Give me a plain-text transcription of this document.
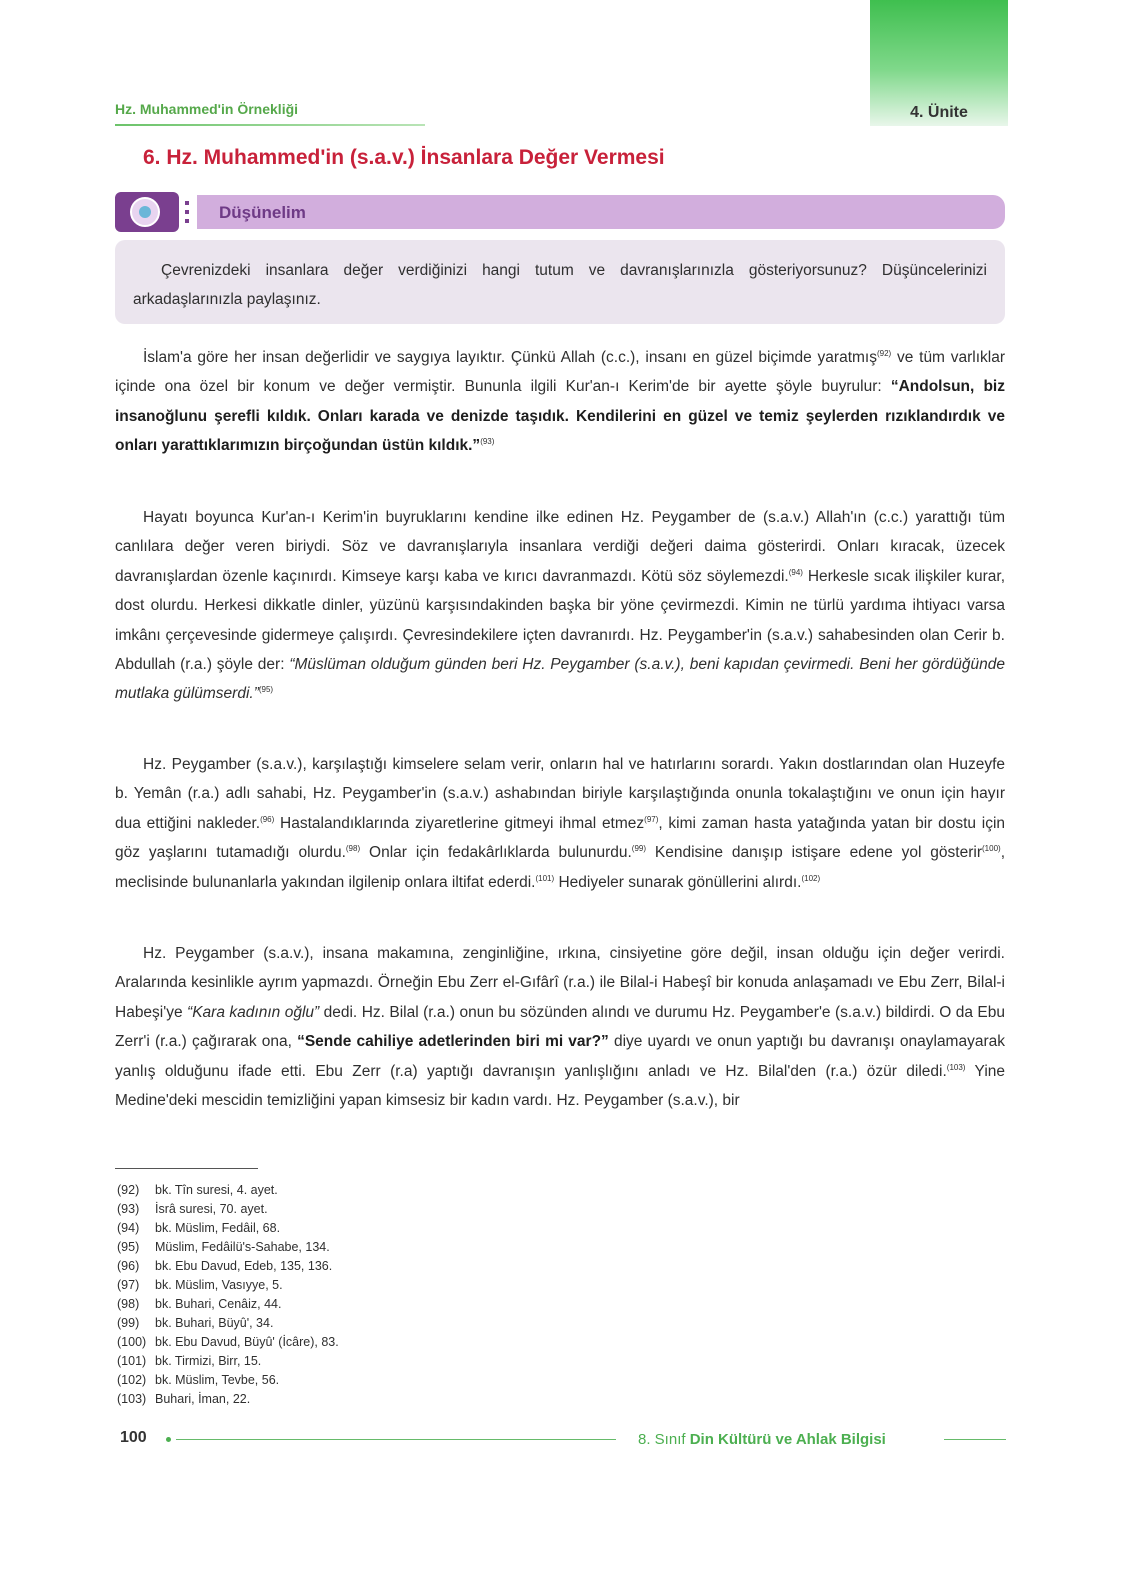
4. Ünite
Hz. Muhammed'in Örnekliği
6. Hz. Muhammed'in (s.a.v.) İnsanlara Değer Vermesi
Düşünelim

Çevrenizdeki insanlara değer verdiğinizi hangi tutum ve davranışlarınızla gösteriyorsunuz? Düşüncelerinizi arkadaşlarınızla paylaşınız.

İslam'a göre her insan değerlidir ve saygıya layıktır. Çünkü Allah (c.c.), insanı en güzel biçimde yaratmış$^{(92)}$ ve tüm varlıklar içinde ona özel bir konum ve değer vermiştir. Bununla ilgili Kur'an-ı Kerim'de bir ayette şöyle buyrulur: “Andolsun, biz insanoğlunu şerefli kıldık. Onları karada ve denizde taşıdık. Kendilerini en güzel ve temiz şeylerden rızıklandırdık ve onları yarattıklarımızın birçoğundan üstün kıldık.”$^{(93)}$

Hayatı boyunca Kur'an-ı Kerim'in buyruklarını kendine ilke edinen Hz. Peygamber de (s.a.v.) Allah'ın (c.c.) yarattığı tüm canlılara değer veren biriydi. Söz ve davranışlarıyla insanlara verdiği değeri daima gösterirdi. Onları kıracak, üzecek davranışlardan özenle kaçınırdı. Kimseye karşı kaba ve kırıcı davranmazdı. Kötü söz söylemezdi.$^{(94)}$ Herkesle sıcak ilişkiler kurar, dost olurdu. Herkesi dikkatle dinler, yüzünü karşısındakinden başka bir yöne çevirmezdi. Kimin ne türlü yardıma ihtiyacı varsa imkânı çerçevesinde gidermeye çalışırdı. Çevresindekilere içten davranırdı. Hz. Peygamber'in (s.a.v.) sahabesinden olan Cerir b. Abdullah (r.a.) şöyle der: “Müslüman olduğum günden beri Hz. Peygamber (s.a.v.), beni kapıdan çevirmedi. Beni her gördüğünde mutlaka gülümserdi.”$^{(95)}$

Hz. Peygamber (s.a.v.), karşılaştığı kimselere selam verir, onların hal ve hatırlarını sorardı. Yakın dostlarından olan Huzeyfe b. Yemân (r.a.) adlı sahabi, Hz. Peygamber'in (s.a.v.) ashabından biriyle karşılaştığında onunla tokalaştığını ve onun için hayır dua ettiğini nakleder.$^{(96)}$ Hastalandıklarında ziyaretlerine gitmeyi ihmal etmez$^{(97)}$, kimi zaman hasta yatağında yatan bir dostu için göz yaşlarını tutamadığı olurdu.$^{(98)}$ Onlar için fedakârlıklarda bulunurdu.$^{(99)}$ Kendisine danışıp istişare edene yol gösterir$^{(100)}$, meclisinde bulunanlarla yakından ilgilenip onlara iltifat ederdi.$^{(101)}$ Hediyeler sunarak gönüllerini alırdı.$^{(102)}$

Hz. Peygamber (s.a.v.), insana makamına, zenginliğine, ırkına, cinsiyetine göre değil, insan olduğu için değer verirdi. Aralarında kesinlikle ayrım yapmazdı. Örneğin Ebu Zerr el-Gıfârî (r.a.) ile Bilal-i Habeşî bir konuda anlaşamadı ve Ebu Zerr, Bilal-i Habeşi'ye “Kara kadının oğlu” dedi. Hz. Bilal (r.a.) onun bu sözünden alındı ve durumu Hz. Peygamber'e (s.a.v.) bildirdi. O da Ebu Zerr'i (r.a.) çağırarak ona, “Sende cahiliye adetlerinden biri mi var?” diye uyardı ve onun yaptığı bu davranışı onaylamayarak yanlış olduğunu ifade etti. Ebu Zerr (r.a) yaptığı davranışın yanlışlığını anladı ve Hz. Bilal'den (r.a.) özür diledi.$^{(103)}$ Yine Medine'deki mescidin temizliğini yapan kimsesiz bir kadın vardı. Hz. Peygamber (s.a.v.), bir

(92) bk. Tîn suresi, 4. ayet.
(93) İsrâ suresi, 70. ayet.
(94) bk. Müslim, Fedâil, 68.
(95) Müslim, Fedâilü's-Sahabe, 134.
(96) bk. Ebu Davud, Edeb, 135, 136.
(97) bk. Müslim, Vasıyye, 5.
(98) bk. Buhari, Cenâiz, 44.
(99) bk. Buhari, Büyû', 34.
(100) bk. Ebu Davud, Büyû' (İcâre), 83.
(101) bk. Tirmizi, Birr, 15.
(102) bk. Müslim, Tevbe, 56.
(103) Buhari, İman, 22.
100	8. Sınıf Din Kültürü ve Ahlak Bilgisi
